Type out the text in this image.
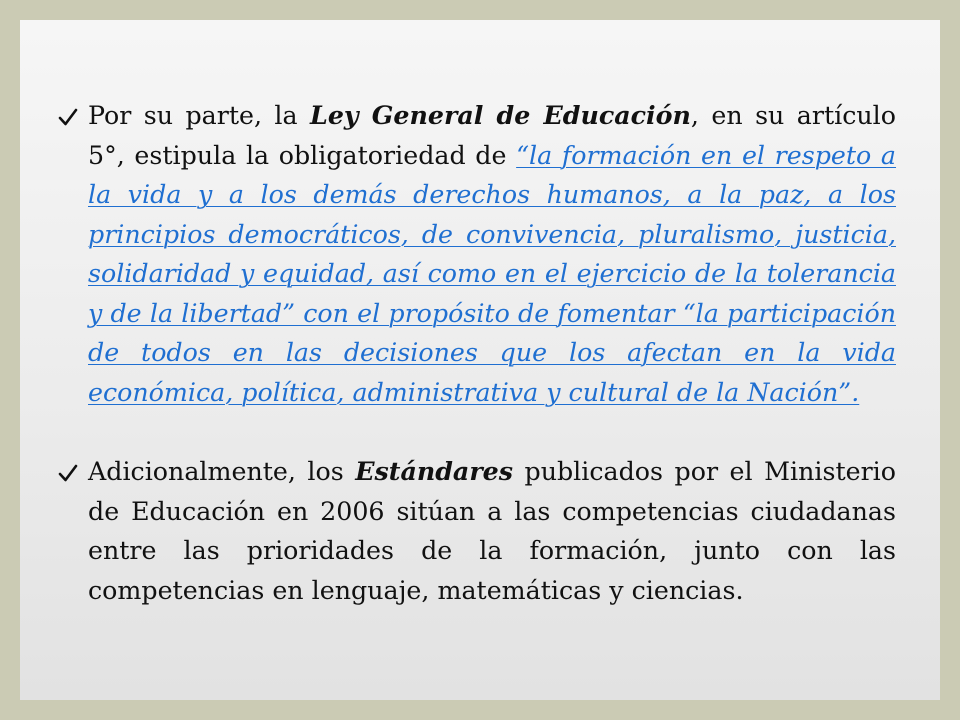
Por su parte, la Ley General de Educación, en su artículo 5°, estipula la obligatoriedad de “la formación en el respeto a la vida y a los demás derechos humanos, a la paz, a los principios democráticos, de convivencia, pluralismo, justicia, solidaridad y equidad, así como en el ejercicio de la tolerancia y de la libertad” con el propósito de fomentar “la participación de todos en las decisiones que los afectan en la vida económica, política, administrativa y cultural de la Nación”.
Adicionalmente, los Estándares publicados por el Ministerio de Educación en 2006 sitúan a las competencias ciudadanas entre las prioridades de la formación, junto con las competencias en lenguaje, matemáticas y ciencias.
